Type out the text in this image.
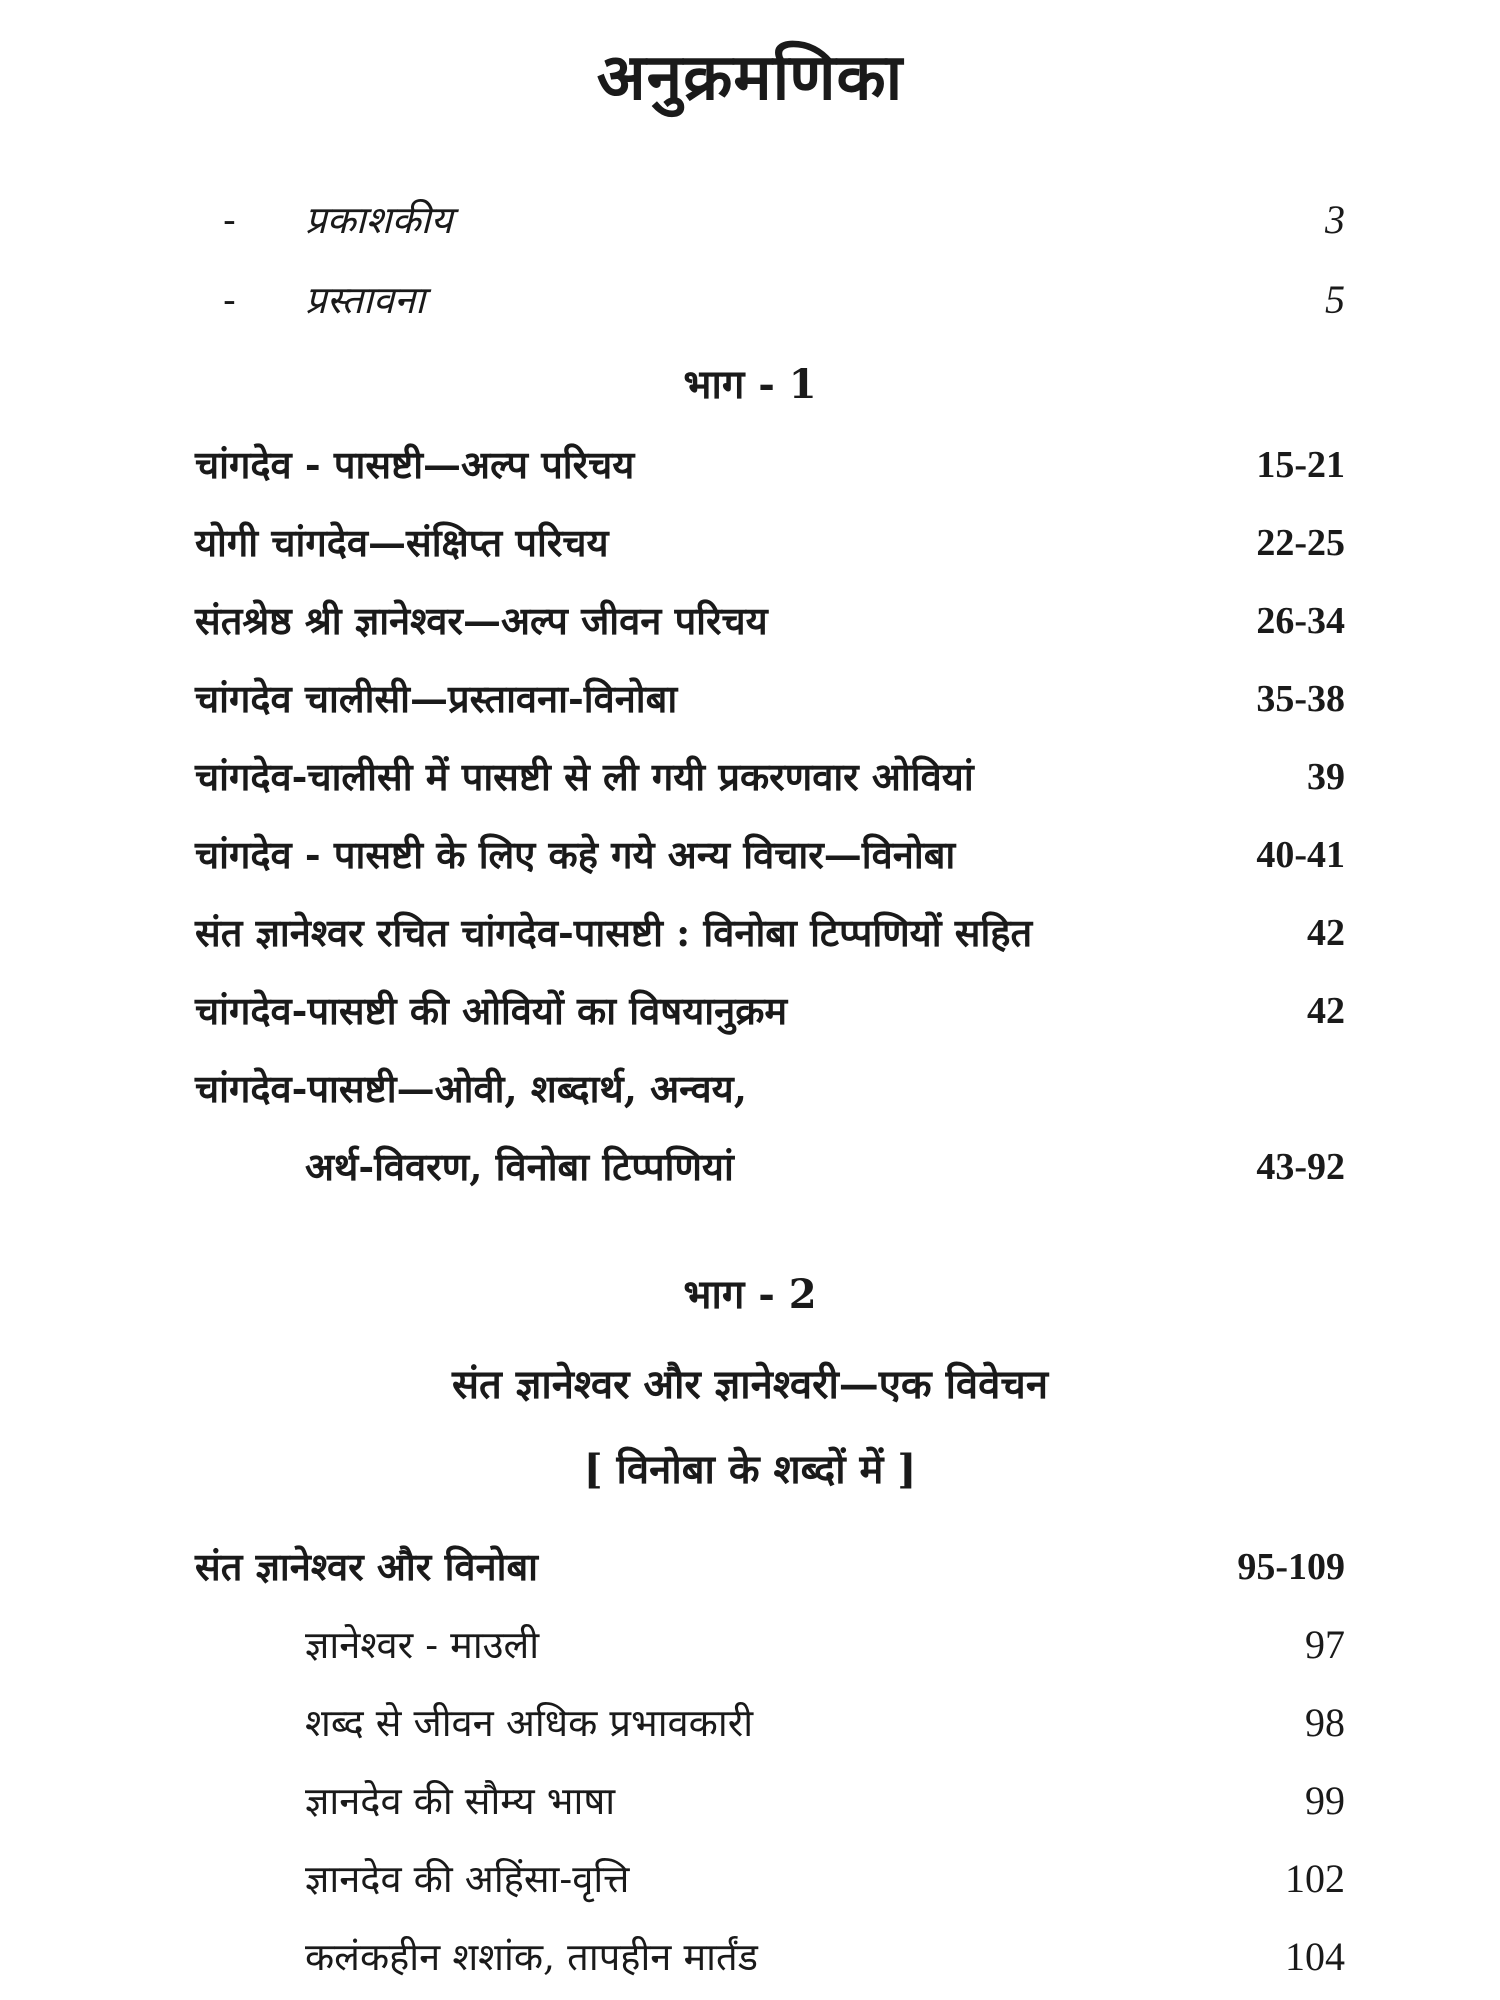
अनुक्रमणिका
- प्रकाशकीय	3
- प्रस्तावना	5
भाग - 1
चांगदेव - पासष्टी—अल्प परिचय	15-21
योगी चांगदेव—संक्षिप्त परिचय	22-25
संतश्रेष्ठ श्री ज्ञानेश्वर—अल्प जीवन परिचय	26-34
चांगदेव चालीसी—प्रस्तावना-विनोबा	35-38
चांगदेव-चालीसी में पासष्टी से ली गयी प्रकरणवार ओवियां	39
चांगदेव - पासष्टी के लिए कहे गये अन्य विचार—विनोबा	40-41
संत ज्ञानेश्वर रचित चांगदेव-पासष्टी : विनोबा टिप्पणियों सहित	42
चांगदेव-पासष्टी की ओवियों का विषयानुक्रम	42
चांगदेव-पासष्टी—ओवी, शब्दार्थ, अन्वय,
अर्थ-विवरण, विनोबा टिप्पणियां	43-92
भाग - 2
संत ज्ञानेश्वर और ज्ञानेश्वरी—एक विवेचन
[ विनोबा के शब्दों में ]
संत ज्ञानेश्वर और विनोबा	95-109
ज्ञानेश्वर - माउली	97
शब्द से जीवन अधिक प्रभावकारी	98
ज्ञानदेव की सौम्य भाषा	99
ज्ञानदेव की अहिंसा-वृत्ति	102
कलंकहीन शशांक, तापहीन मार्तंड	104
